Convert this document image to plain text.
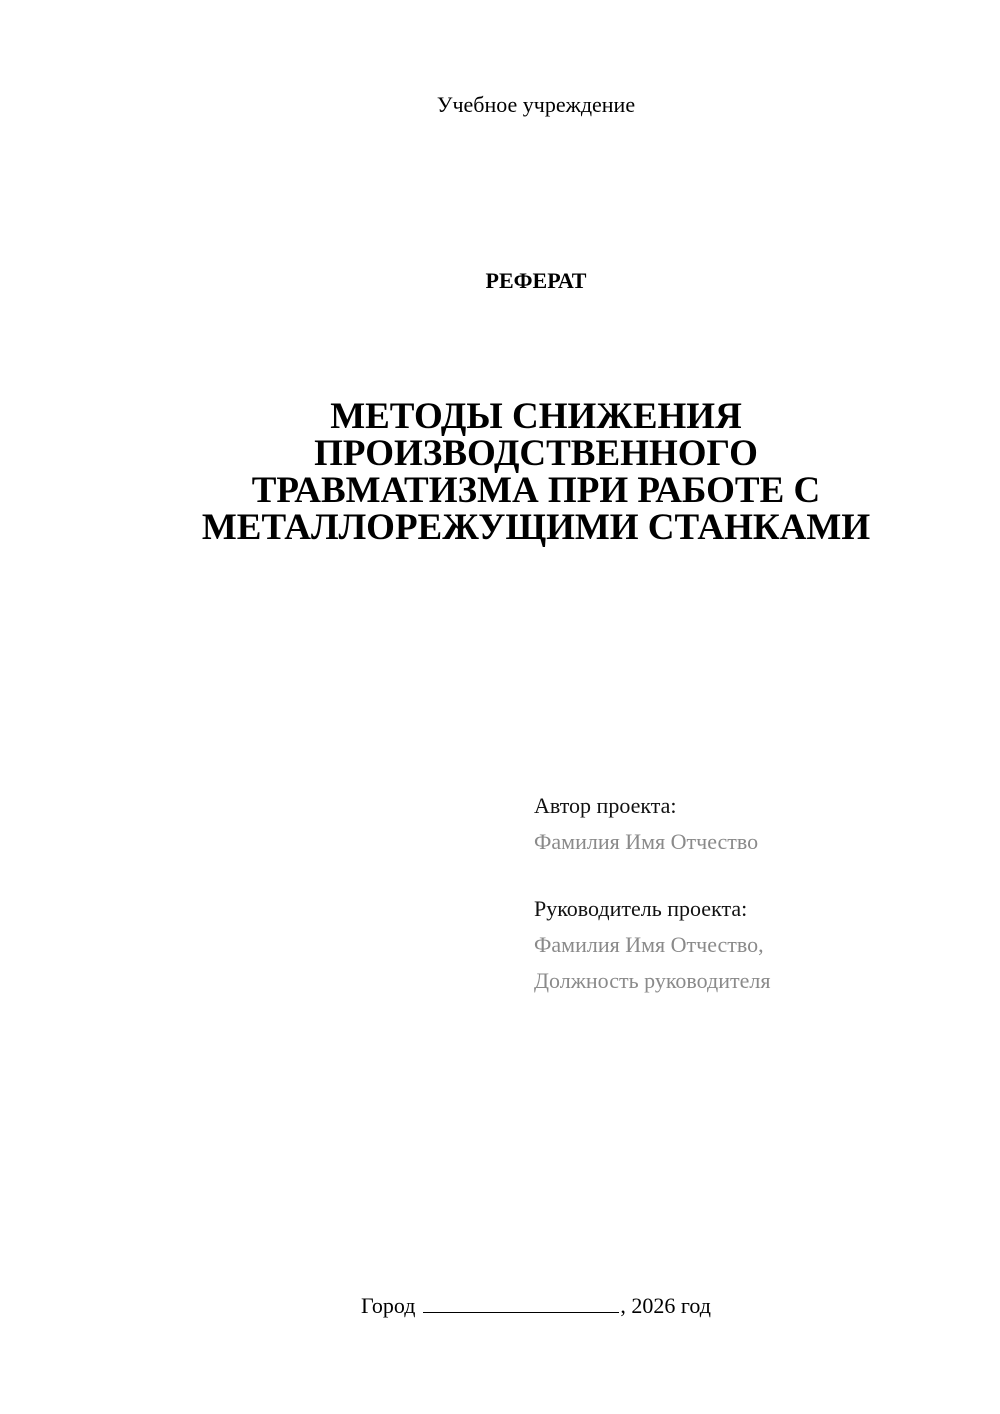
Учебное учреждение
РЕФЕРАТ
МЕТОДЫ СНИЖЕНИЯ
ПРОИЗВОДСТВЕННОГО
ТРАВМАТИЗМА ПРИ РАБОТЕ С
МЕТАЛЛОРЕЖУЩИМИ СТАНКАМИ
Автор проекта:
Фамилия Имя Отчество
Руководитель проекта:
Фамилия Имя Отчество,
Должность руководителя
Город	, 2026 год
